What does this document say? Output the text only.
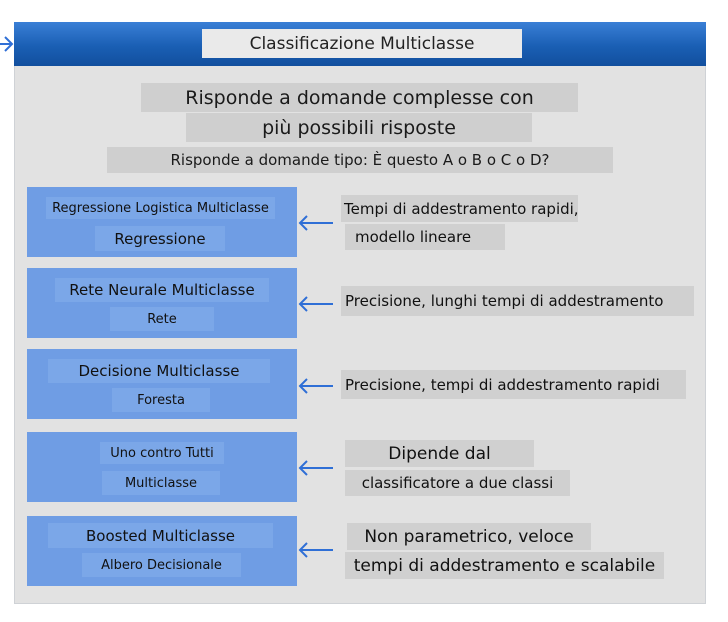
Classificazione Multiclasse
Risponde a domande complesse con
più possibili risposte
Risponde a domande tipo: È questo A o B o C o D?
Regressione Logistica Multiclasse
Regressione
Tempi di addestramento rapidi,
modello lineare
Rete Neurale Multiclasse
Rete
Precisione, lunghi tempi di addestramento
Decisione Multiclasse
Foresta
Precisione, tempi di addestramento rapidi
Uno contro Tutti
Multiclasse
Dipende dal
classificatore a due classi
Boosted Multiclasse
Albero Decisionale
Non parametrico, veloce
tempi di addestramento e scalabile
